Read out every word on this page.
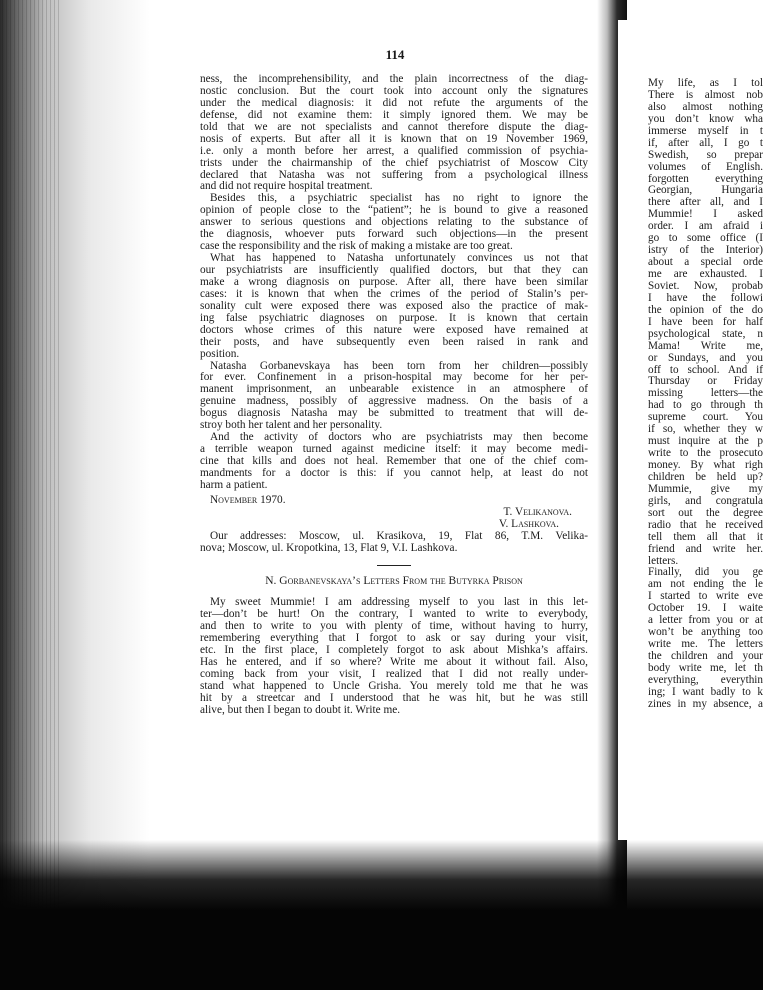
My life, as I tol
There is almost nob
also almost nothing
you don’t know wha
immerse myself in t
if, after all, I go t
Swedish, so prepar
volumes of English.
forgotten everything
Georgian, Hungaria
there after all, and I
Mummie! I asked
order. I am afraid i
go to some office (I
istry of the Interior)
about a special orde
me are exhausted. I
Soviet. Now, probab
I have the followi
the opinion of the do
I have been for half
psychological state, n
Mama! Write me,
or Sundays, and you
off to school. And if
Thursday or Friday
missing letters—the
had to go through th
supreme court. You
if so, whether they w
must inquire at the p
write to the prosecuto
money. By what righ
children be held up?
Mummie, give my
girls, and congratula
sort out the degree
radio that he received
tell them all that it
friend and write her.
letters.
Finally, did you ge
am not ending the le
I started to write eve
October 19. I waite
a letter from you or at
won’t be anything too
write me. The letters
the children and your
body write me, let th
everything, everythin
ing; I want badly to k
zines in my absence, a
114
ness, the incomprehensibility, and the plain incorrectness of the diag-
nostic conclusion. But the court took into account only the signatures
under the medical diagnosis: it did not refute the arguments of the
defense, did not examine them: it simply ignored them. We may be
told that we are not specialists and cannot therefore dispute the diag-
nosis of experts. But after all it is known that on 19 November 1969,
i.e. only a month before her arrest, a qualified commission of psychia-
trists under the chairmanship of the chief psychiatrist of Moscow City
declared that Natasha was not suffering from a psychological illness
and did not require hospital treatment.
Besides this, a psychiatric specialist has no right to ignore the
opinion of people close to the “patient”; he is bound to give a reasoned
answer to serious questions and objections relating to the substance of
the diagnosis, whoever puts forward such objections—in the present
case the responsibility and the risk of making a mistake are too great.
What has happened to Natasha unfortunately convinces us not that
our psychiatrists are insufficiently qualified doctors, but that they can
make a wrong diagnosis on purpose. After all, there have been similar
cases: it is known that when the crimes of the period of Stalin’s per-
sonality cult were exposed there was exposed also the practice of mak-
ing false psychiatric diagnoses on purpose. It is known that certain
doctors whose crimes of this nature were exposed have remained at
their posts, and have subsequently even been raised in rank and
position.
Natasha Gorbanevskaya has been torn from her children—possibly
for ever. Confinement in a prison-hospital may become for her per-
manent imprisonment, an unbearable existence in an atmosphere of
genuine madness, possibly of aggressive madness. On the basis of a
bogus diagnosis Natasha may be submitted to treatment that will de-
stroy both her talent and her personality.
And the activity of doctors who are psychiatrists may then become
a terrible weapon turned against medicine itself: it may become medi-
cine that kills and does not heal. Remember that one of the chief com-
mandments for a doctor is this: if you cannot help, at least do not
harm a patient.
November 1970.
T. Velikanova.
V. Lashkova.
Our addresses: Moscow, ul. Krasikova, 19, Flat 86, T.M. Velika-
nova; Moscow, ul. Kropotkina, 13, Flat 9, V.I. Lashkova.
N. Gorbanevskaya’s Letters From the Butyrka Prison
My sweet Mummie! I am addressing myself to you last in this let-
ter—don’t be hurt! On the contrary, I wanted to write to everybody,
and then to write to you with plenty of time, without having to hurry,
remembering everything that I forgot to ask or say during your visit,
etc. In the first place, I completely forgot to ask about Mishka’s affairs.
Has he entered, and if so where? Write me about it without fail. Also,
coming back from your visit, I realized that I did not really under-
stand what happened to Uncle Grisha. You merely told me that he was
hit by a streetcar and I understood that he was hit, but he was still
alive, but then I began to doubt it. Write me.
